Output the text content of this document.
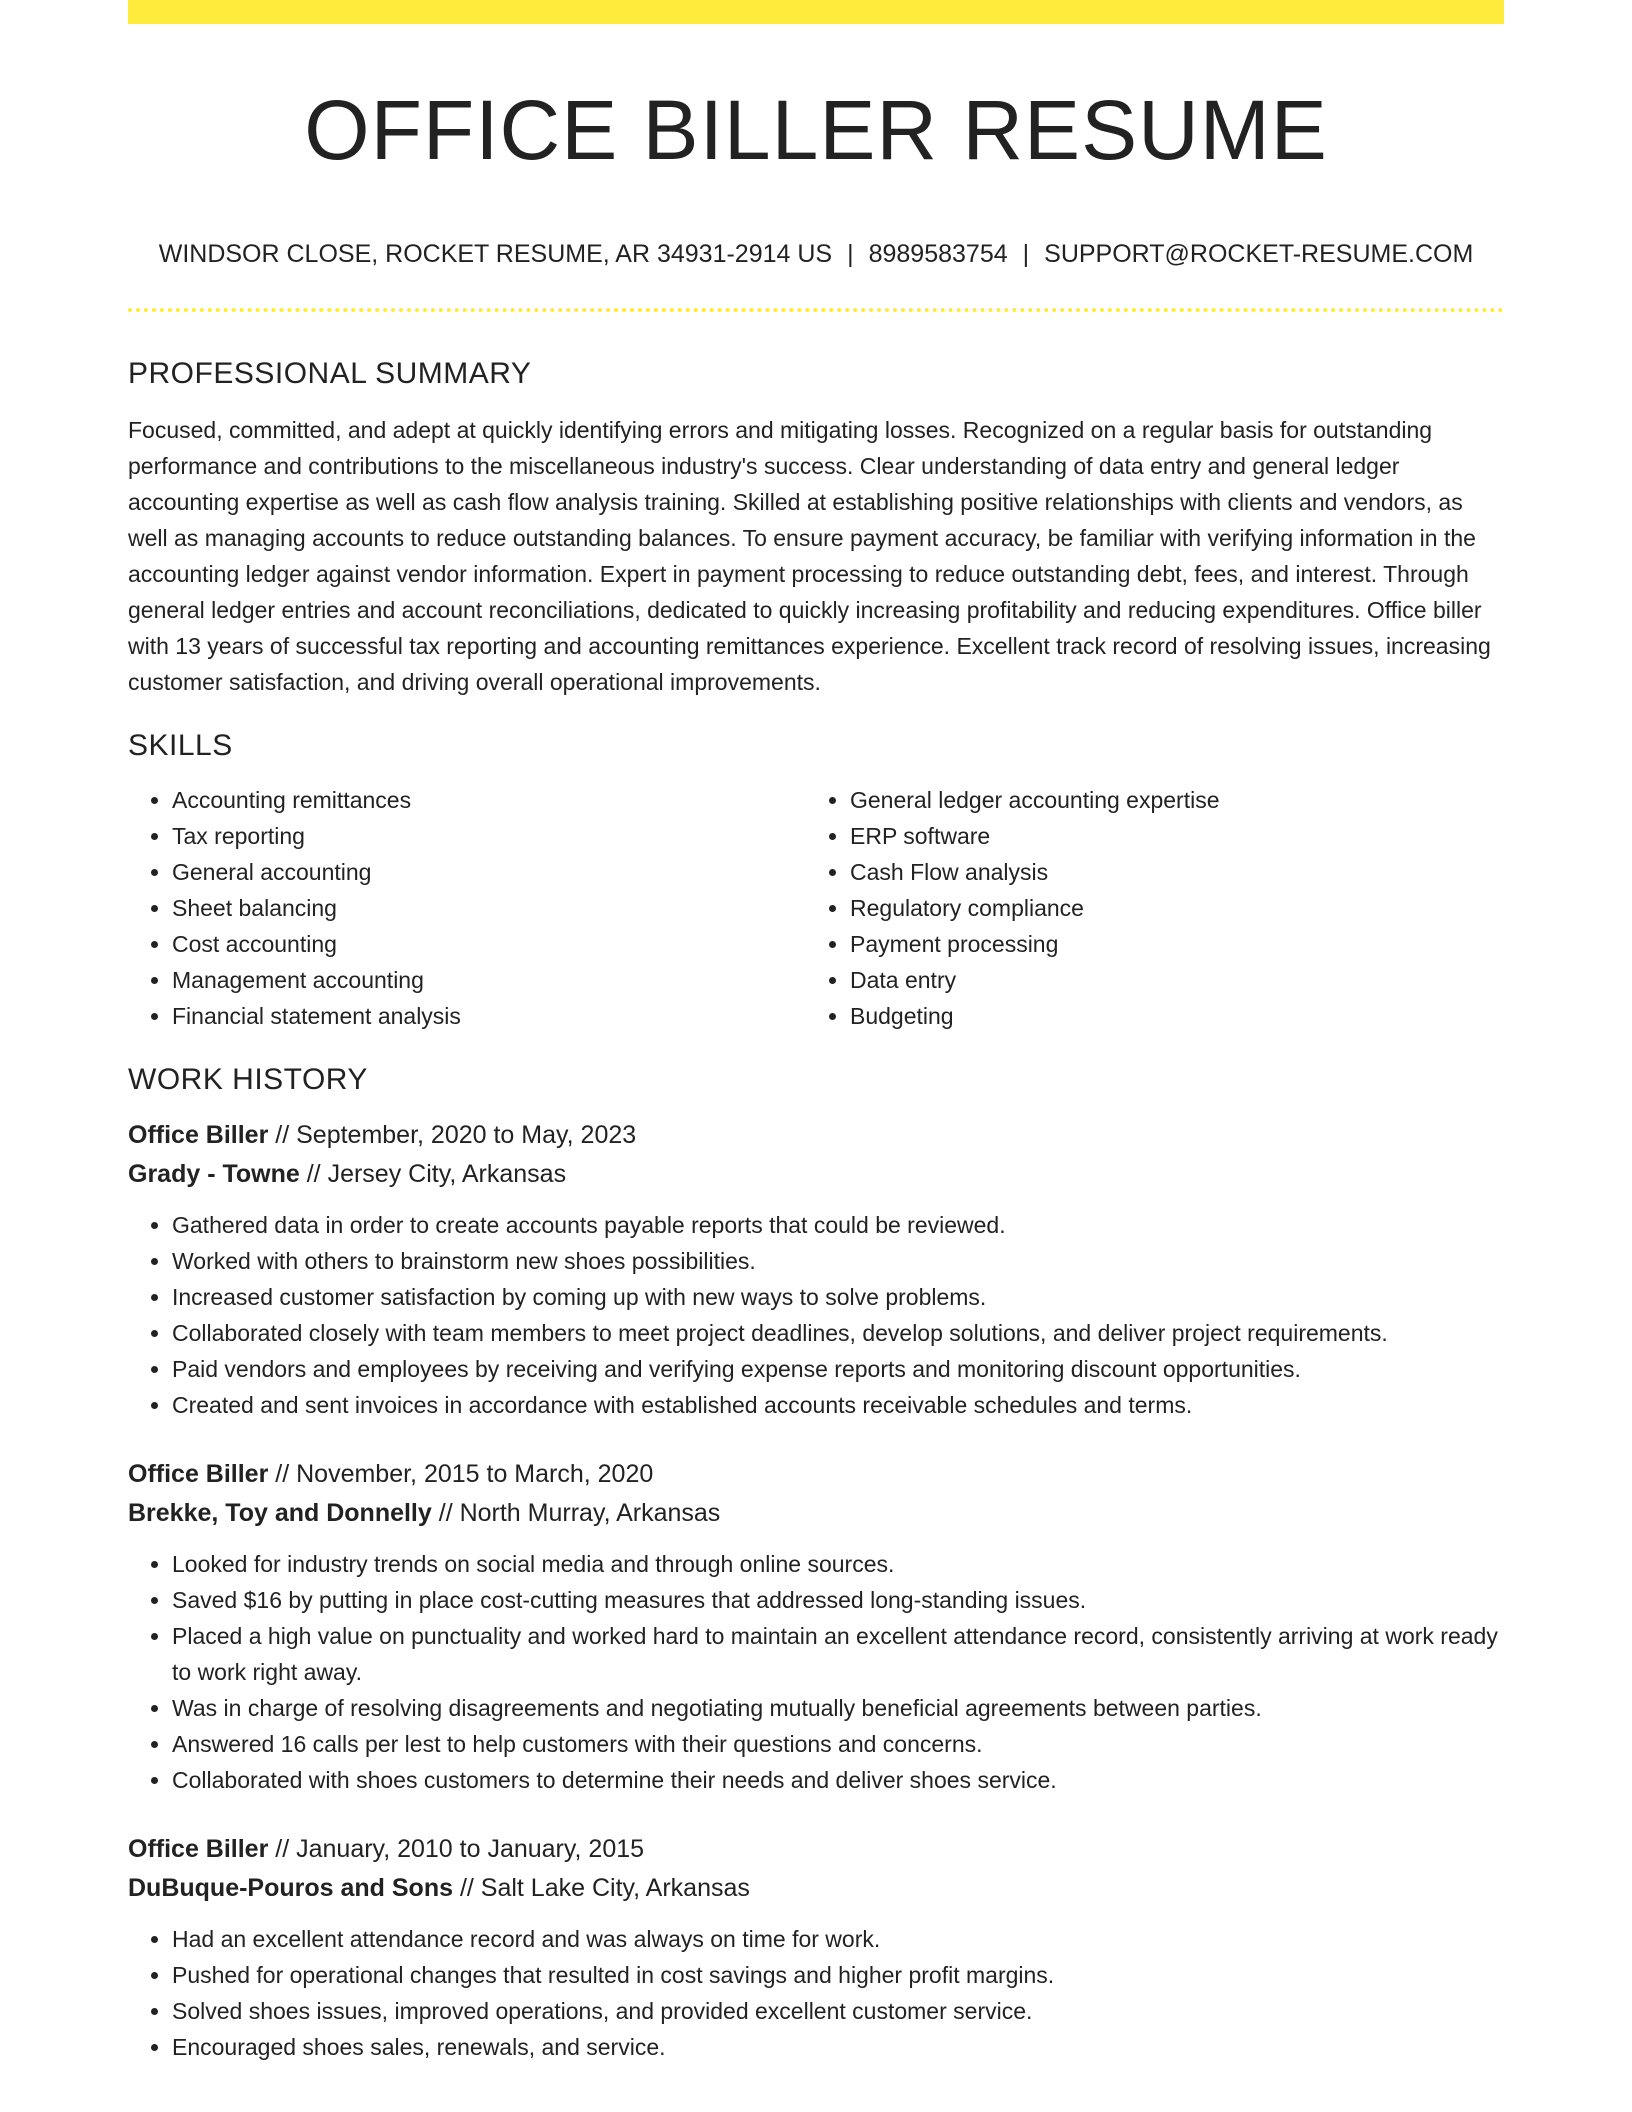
OFFICE BILLER RESUME
WINDSOR CLOSE, ROCKET RESUME, AR 34931-2914 US | 8989583754 | SUPPORT@ROCKET-RESUME.COM
PROFESSIONAL SUMMARY

Focused, committed, and adept at quickly identifying errors and mitigating losses. Recognized on a regular basis for outstanding performance and contributions to the miscellaneous industry's success. Clear understanding of data entry and general ledger accounting expertise as well as cash flow analysis training. Skilled at establishing positive relationships with clients and vendors, as well as managing accounts to reduce outstanding balances. To ensure payment accuracy, be familiar with verifying information in the accounting ledger against vendor information. Expert in payment processing to reduce outstanding debt, fees, and interest. Through general ledger entries and account reconciliations, dedicated to quickly increasing profitability and reducing expenditures. Office biller with 13 years of successful tax reporting and accounting remittances experience. Excellent track record of resolving issues, increasing customer satisfaction, and driving overall operational improvements.

SKILLS
• Accounting remittances
• Tax reporting
• General accounting
• Sheet balancing
• Cost accounting
• Management accounting
• Financial statement analysis
• General ledger accounting expertise
• ERP software
• Cash Flow analysis
• Regulatory compliance
• Payment processing
• Data entry
• Budgeting
WORK HISTORY
Office Biller // September, 2020 to May, 2023
Grady - Towne // Jersey City, Arkansas
• Gathered data in order to create accounts payable reports that could be reviewed.
• Worked with others to brainstorm new shoes possibilities.
• Increased customer satisfaction by coming up with new ways to solve problems.
• Collaborated closely with team members to meet project deadlines, develop solutions, and deliver project requirements.
• Paid vendors and employees by receiving and verifying expense reports and monitoring discount opportunities.
• Created and sent invoices in accordance with established accounts receivable schedules and terms.
Office Biller // November, 2015 to March, 2020
Brekke, Toy and Donnelly // North Murray, Arkansas
• Looked for industry trends on social media and through online sources.
• Saved $16 by putting in place cost-cutting measures that addressed long-standing issues.
• Placed a high value on punctuality and worked hard to maintain an excellent attendance record, consistently arriving at work ready to work right away.
• Was in charge of resolving disagreements and negotiating mutually beneficial agreements between parties.
• Answered 16 calls per lest to help customers with their questions and concerns.
• Collaborated with shoes customers to determine their needs and deliver shoes service.
Office Biller // January, 2010 to January, 2015
DuBuque-Pouros and Sons // Salt Lake City, Arkansas
• Had an excellent attendance record and was always on time for work.
• Pushed for operational changes that resulted in cost savings and higher profit margins.
• Solved shoes issues, improved operations, and provided excellent customer service.
• Encouraged shoes sales, renewals, and service.
